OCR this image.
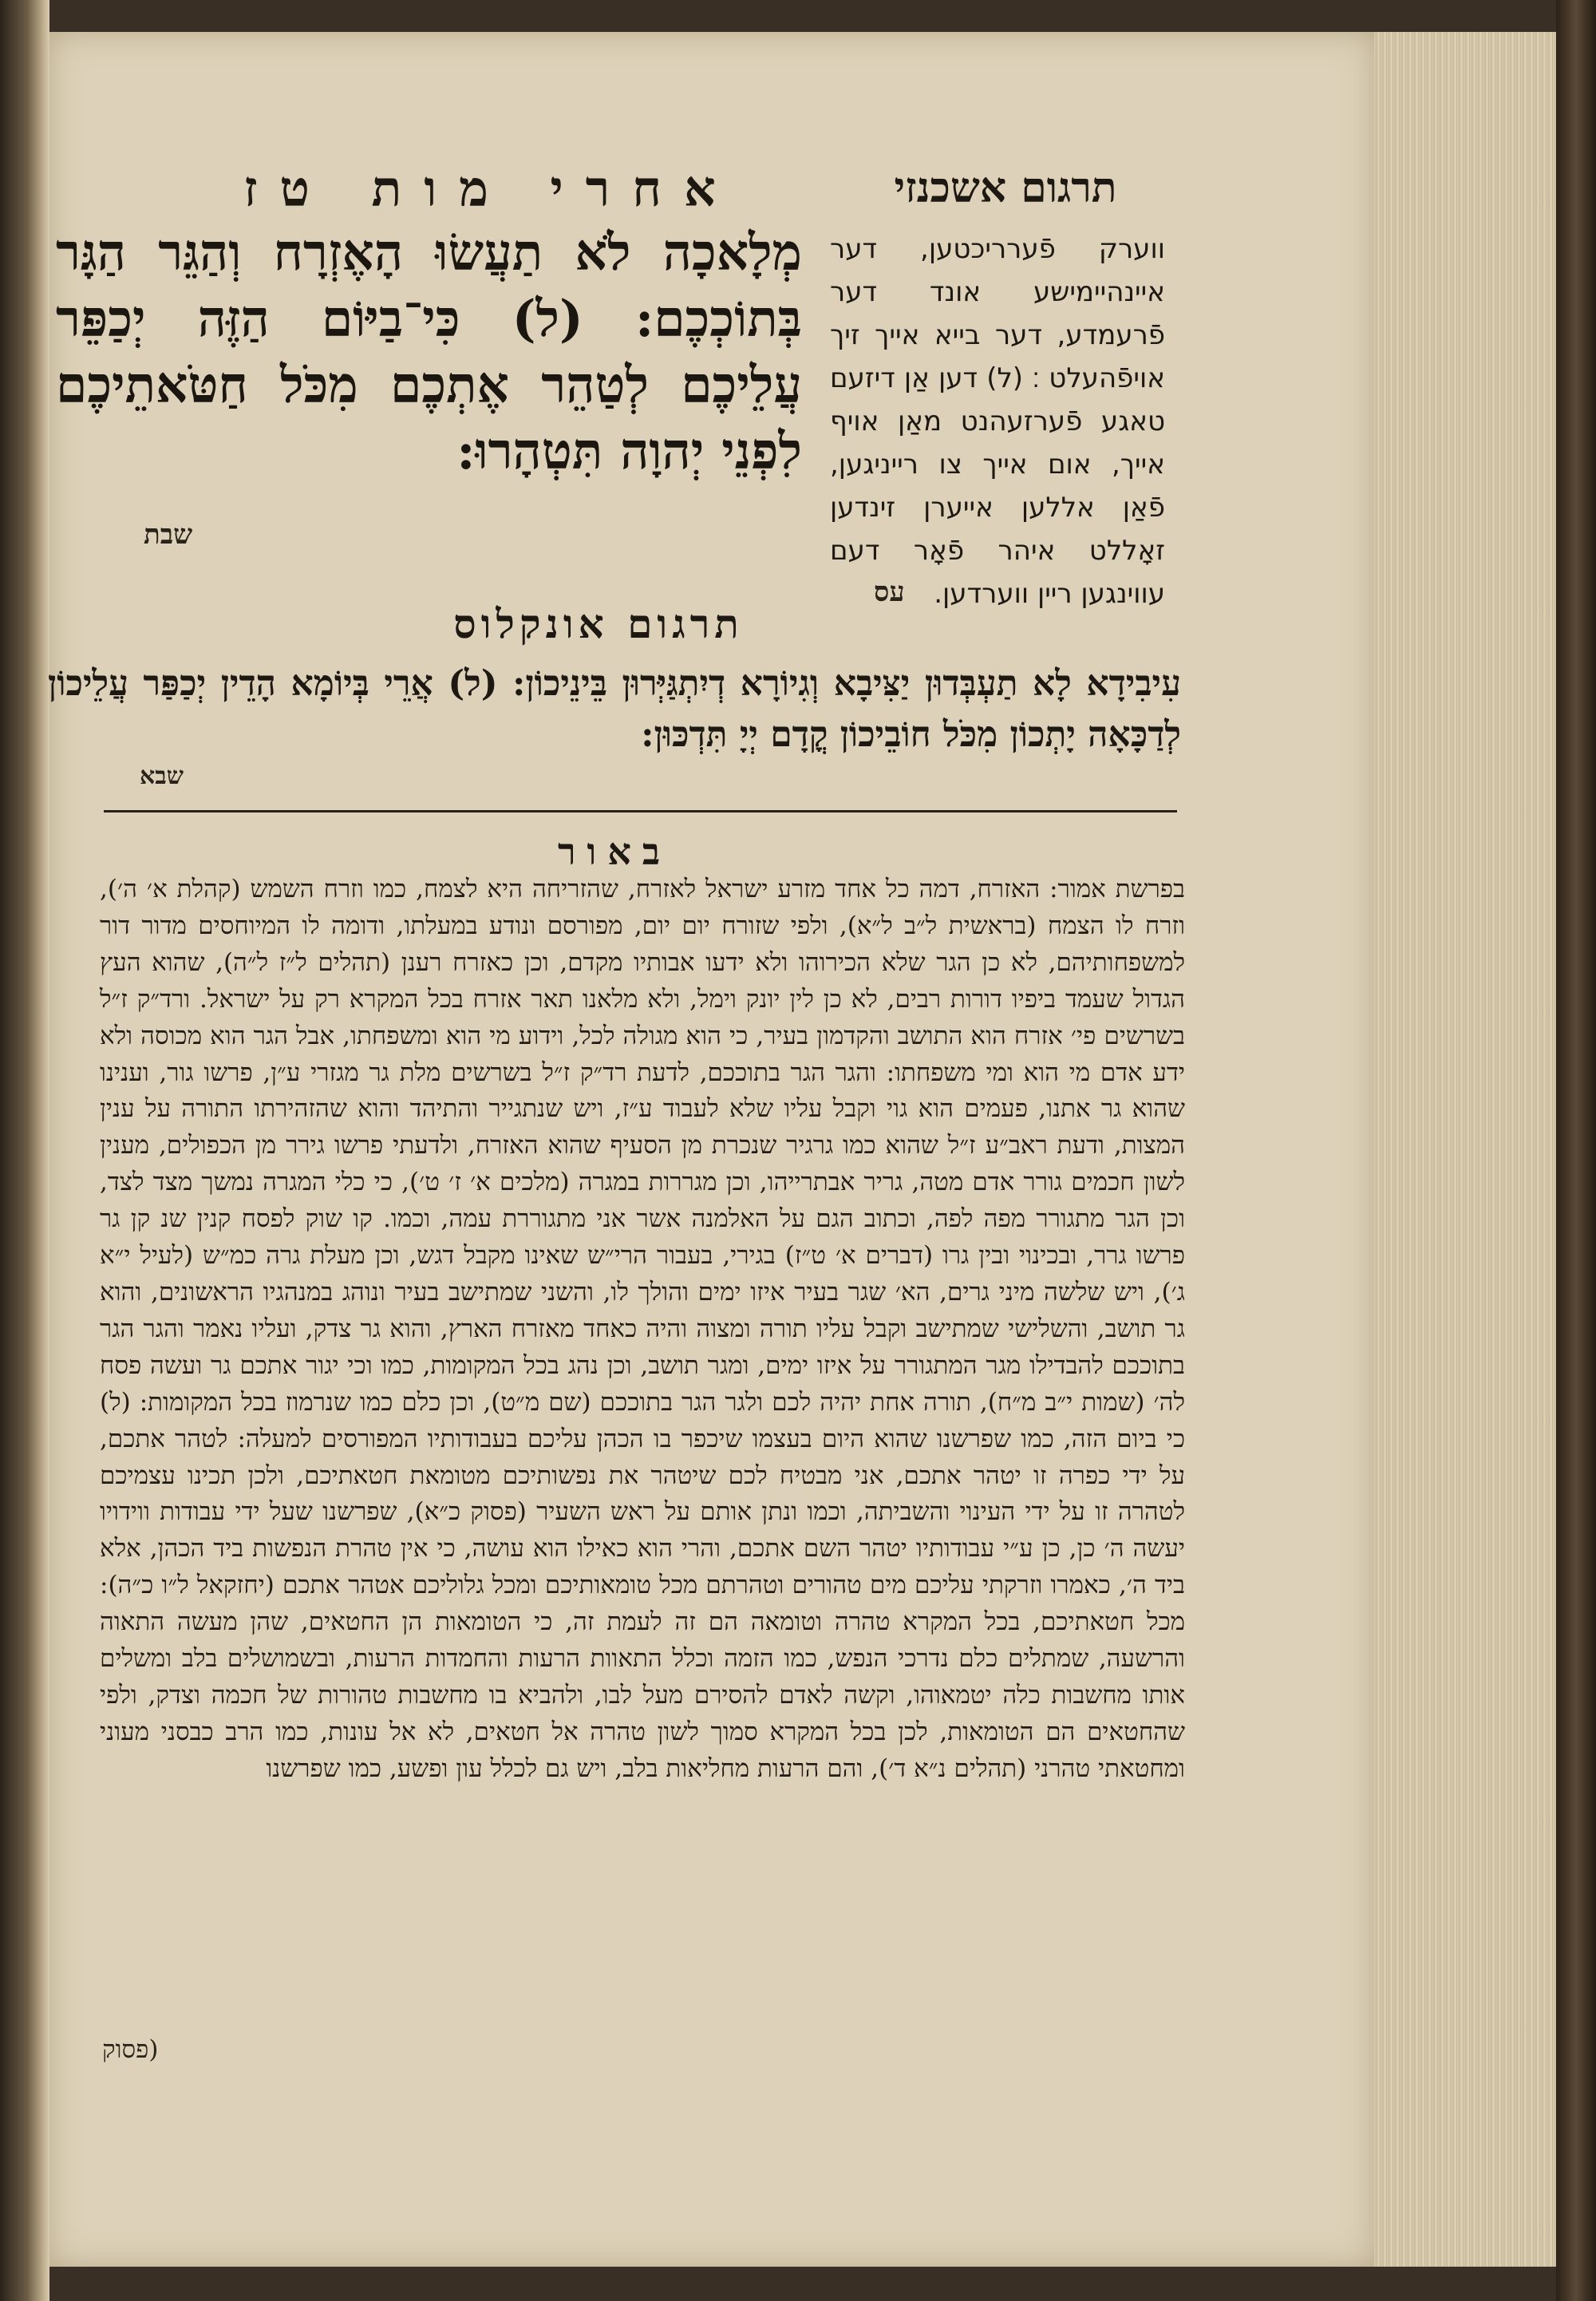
אחרי מות טז	תרגום אשכנזי
מְלָאכָה לֹא תַעֲשׂוּ הָאֶזְרָח וְהַגֵּר הַגָּר בְּתוֹכְכֶם: (ל) כִּי־בַיּוֹם הַזֶּה יְכַפֵּר עֲלֵיכֶם לְטַהֵר אֶתְכֶם מִכֹּל חַטֹּאתֵיכֶם לִפְנֵי יְהוָה תִּטְהָרוּ:
שבת
ווערק פֿערריכטען, דער איינהיימישע אונד דער פֿרעמדע, דער בייא אייך זיך אויפֿהעלט ׃ (ל) דען אַן דיזעם טאגע פֿערזעהנט מאַן אויף אייך, אום אייך צו רייניגען, פֿאַן אללען אייערן זינדען זאָללט איהר פֿאָר דעם עווינגען ריין ווערדען.
עס
תרגום אונקלוס
עִיבִידָא לָא תַעְבְּדוּן יַצִּיבָא וְגִיוֹרָא דְיִתְגַּיְּרוּן בֵּינֵיכוֹן: (ל) אֲרֵי בְּיוֹמָא הָדֵין יְכַפַּר עֲלֵיכוֹן לְדַכָּאָה יָתְכוֹן מִכֹּל חוֹבֵיכוֹן קֳדָם יְיָ תִּדְכּוּן:
שבא
באור
בפרשת אמור: האזרח, דמה כל אחד מזרע ישראל לאזרח, שהזריחה היא לצמח, כמו וזרח השמש (קהלת א׳ ה׳), וזרח לו הצמח (בראשית ל״ב ל״א), ולפי שזורח יום יום, מפורסם ונודע במעלתו, ודומה לו המיוחסים מדור דור למשפחותיהם, לא כן הגר שלא הכירוהו ולא ידעו אבותיו מקדם, וכן כאזרח רענן (תהלים ל״ז ל״ה), שהוא העץ הגדול שעמד ביפיו דורות רבים, לא כן לין יונק וימל, ולא מלאנו תאר אזרח בכל המקרא רק על ישראל. ורד״ק ז״ל בשרשים פי׳ אזרח הוא התושב והקדמון בעיר, כי הוא מגולה לכל, וידוע מי הוא ומשפחתו, אבל הגר הוא מכוסה ולא ידע אדם מי הוא ומי משפחתו: והגר הגר בתוככם, לדעת רד״ק ז״ל בשרשים מלת גר מגזרי ע״ן, פרשו גור, וענינו שהוא גר אתנו, פעמים הוא גוי וקבל עליו שלא לעבוד ע״ז, ויש שנתגייר והתיהד והוא שהזהירתו התורה על ענין המצות, ודעת ראב״ע ז״ל שהוא כמו גרגיר שנכרת מן הסעיף שהוא האזרח, ולדעתי פרשו גירר מן הכפולים, מענין לשון חכמים גורר אדם מטה, גריר אבתרייהו, וכן מגררות במגרה (מלכים א׳ ז׳ ט׳), כי כלי המגרה נמשך מצד לצד, וכן הגר מתגורר מפה לפה, וכתוב הגם על האלמנה אשר אני מתגוררת עמה, וכמו. קו שוק לפסח קנין שנ קן גר פרשו גרר, ובכינוי ובין גרו (דברים א׳ ט״ז) בגירי, בעבור הרי״ש שאינו מקבל דגש, וכן מעלת גרה כמ״ש (לעיל י״א ג׳), ויש שלשה מיני גרים, הא׳ שגר בעיר איזו ימים והולך לו, והשני שמתישב בעיר ונוהג במנהגיו הראשונים, והוא גר תושב, והשלישי שמתישב וקבל עליו תורה ומצוה והיה כאחד מאזרח הארץ, והוא גר צדק, ועליו נאמר והגר הגר בתוככם להבדילו מגר המתגורר על איזו ימים, ומגר תושב, וכן נהג בכל המקומות, כמו וכי יגור אתכם גר ועשה פסח לה׳ (שמות י״ב מ״ח), תורה אחת יהיה לכם ולגר הגר בתוככם (שם מ״ט), וכן כלם כמו שנרמוז בכל המקומות: (ל) כי ביום הזה, כמו שפרשנו שהוא היום בעצמו שיכפר בו הכהן עליכם בעבודותיו המפורסים למעלה: לטהר אתכם, על ידי כפרה זו יטהר אתכם, אני מבטיח לכם שיטהר את נפשותיכם מטומאת חטאתיכם, ולכן תכינו עצמיכם לטהרה זו על ידי העינוי והשביתה, וכמו ונתן אותם על ראש השעיר (פסוק כ״א), שפרשנו שעל ידי עבודות ווידויו יעשה ה׳ כן, כן ע״י עבודותיו יטהר השם אתכם, והרי הוא כאילו הוא עושה, כי אין טהרת הנפשות ביד הכהן, אלא ביד ה׳, כאמרו וזרקתי עליכם מים טהורים וטהרתם מכל טומאותיכם ומכל גלוליכם אטהר אתכם (יחזקאל ל״ו כ״ה): מכל חטאתיכם, בכל המקרא טהרה וטומאה הם זה לעמת זה, כי הטומאות הן החטאים, שהן מעשה התאוה והרשעה, שמתלים כלם נדרכי הנפש, כמו הזמה וכלל התאוות הרעות והחמדות הרעות, ובשמושלים בלב ומשלים אותו מחשבות כלה יטמאוהו, וקשה לאדם להסירם מעל לבו, ולהביא בו מחשבות טהורות של חכמה וצדק, ולפי שהחטאים הם הטומאות, לכן בכל המקרא סמוך לשון טהרה אל חטאים, לא אל עונות, כמו הרב כבסני מעוני ומחטאתי טהרני (תהלים נ״א ד׳), והם הרעות מחליאות בלב, ויש גם לכלל עון ופשע, כמו שפרשנו
(פסוק
